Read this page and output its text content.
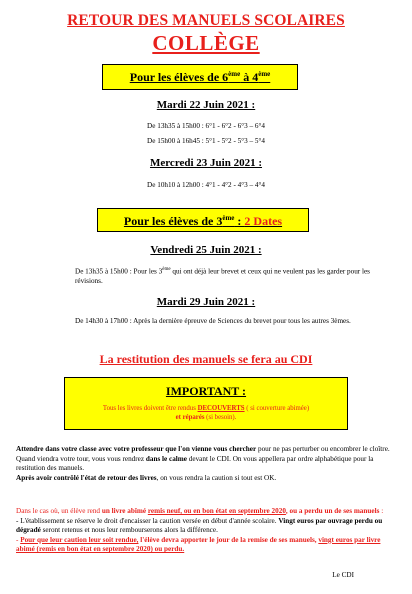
RETOUR DES MANUELS SCOLAIRES
COLLÈGE
Pour les élèves de 6ème à 4ème
Mardi 22 Juin 2021 :
De 13h35 à 15h00 : 6°1 - 6°2 - 6°3 – 6°4
De 15h00 à 16h45 : 5°1 - 5°2 - 5°3 – 5°4
Mercredi 23 Juin 2021 :
De 10h10 à 12h00 : 4°1 - 4°2 - 4°3 – 4°4
Pour les élèves de 3ème : 2 Dates
Vendredi 25 Juin 2021 :
De 13h35 à 15h00 : Pour les 3ème qui ont déjà leur brevet et ceux qui ne veulent pas les garder pour les révisions.
Mardi 29 Juin 2021 :
De 14h30 à 17h00 : Après la dernière épreuve de Sciences du brevet pour tous les autres 3èmes.
La restitution des manuels se fera au CDI
IMPORTANT :
Tous les livres doivent être rendus DECOUVERTS ( si couverture abimée)
et réparés (si besoin).
Attendre dans votre classe avec votre professeur que l'on vienne vous chercher pour ne pas perturber ou encombrer le cloître.
Quand viendra votre tour, vous vous rendrez dans le calme devant le CDI. On vous appellera par ordre alphabétique pour la restitution des manuels.
Après avoir contrôlé l'état de retour des livres, on vous rendra la caution si tout est OK.
Dans le cas où, un élève rend un livre abîmé remis neuf, ou en bon état en septembre 2020, ou a perdu un de ses manuels :
- L'établissement se réserve le droit d'encaisser la caution versée en début d'année scolaire. Vingt euros par ouvrage perdu ou dégradé seront retenus et nous leur rembourserons alors la différence.
- Pour que leur caution leur soit rendue, l'élève devra apporter le jour de la remise de ses manuels, vingt euros par livre abimé (remis en bon état en septembre 2020) ou perdu.
Le CDI
